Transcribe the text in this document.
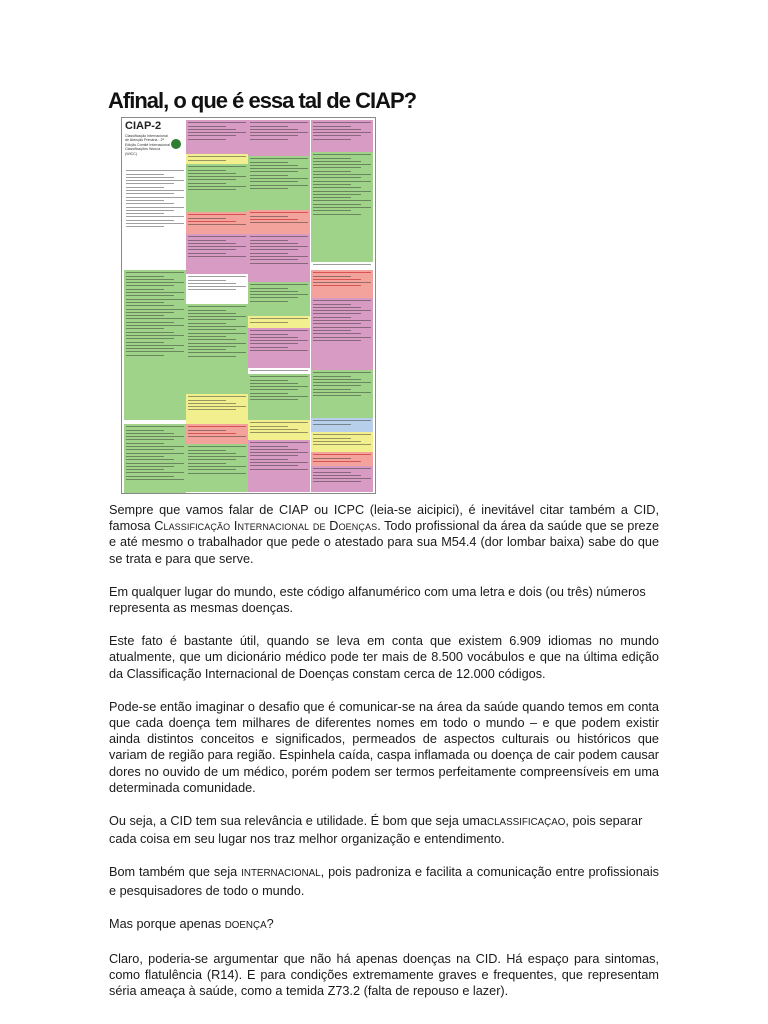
Afinal, o que é essa tal de CIAP?

CIAP-2

Classificação Internacional de Atenção Primária - 2ª Edição Comitê Internacional Classificações Wonca (WICC)

Sempre que vamos falar de CIAP ou ICPC (leia-se aicipici), é inevitável citar também a CID, famosa Classificação Internacional de Doenças. Todo profissional da área da saúde que se preze e até mesmo o trabalhador que pede o atestado para sua M54.4 (dor lombar baixa) sabe do que se trata e para que serve.

Em qualquer lugar do mundo, este código alfanumérico com uma letra e dois (ou três) números representa as mesmas doenças.

Este fato é bastante útil, quando se leva em conta que existem 6.909 idiomas no mundo atualmente, que um dicionário médico pode ter mais de 8.500 vocábulos e que na última edição da Classificação Internacional de Doenças constam cerca de 12.000 códigos.

Pode-se então imaginar o desafio que é comunicar-se na área da saúde quando temos em conta que cada doença tem milhares de diferentes nomes em todo o mundo – e que podem existir ainda distintos conceitos e significados, permeados de aspectos culturais ou históricos que variam de região para região. Espinhela caída, caspa inflamada ou doença de cair podem causar dores no ouvido de um médico, porém podem ser termos perfeitamente compreensíveis em uma determinada comunidade.

Ou seja, a CID tem sua relevância e utilidade. É bom que seja umaCLASSIFICAÇAO, pois separar cada coisa em seu lugar nos traz melhor organização e entendimento.

Bom também que seja INTERNACIONAL, pois padroniza e facilita a comunicação entre profissionais e pesquisadores de todo o mundo.

Mas porque apenas DOENÇA?

Claro, poderia-se argumentar que não há apenas doenças na CID. Há espaço para sintomas, como flatulência (R14). E para condições extremamente graves e frequentes, que representam séria ameaça à saúde, como a temida Z73.2 (falta de repouso e lazer).
